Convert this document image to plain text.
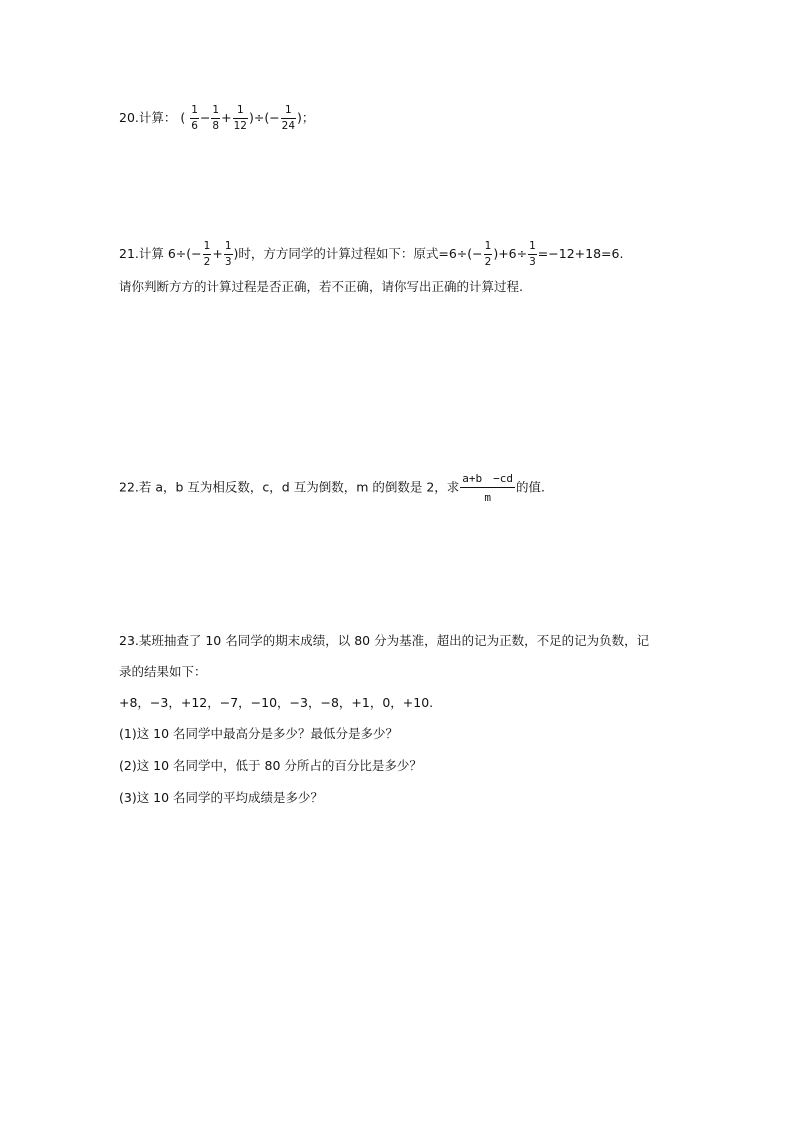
20.计算： ( $\frac{1}{6} - \frac{1}{8} + \frac{1}{12}$ )÷(− $\frac{1}{24}$ )；
21.计算 $6\div(- \frac{1}{2} + \frac{1}{3}$ )时，方方同学的计算过程如下：原式$=6\div(- \frac{1}{2} )+6\div \frac{1}{3} =-12+18=6$.
请你判断方方的计算过程是否正确，若不正确，请你写出正确的计算过程.
22.若 a，b 互为相反数，c，d 互为倒数，m 的倒数是 2，求 $\frac{a+b -cd}{m}$ 的值.
23.某班抽查了 10 名同学的期末成绩，以 80 分为基准，超出的记为正数，不足的记为负数，记
录的结果如下：
+8，−3，+12，−7，−10，−3，−8，+1，0，+10.
(1)这 10 名同学中最高分是多少？最低分是多少？
(2)这 10 名同学中，低于 80 分所占的百分比是多少？
(3)这 10 名同学的平均成绩是多少？
